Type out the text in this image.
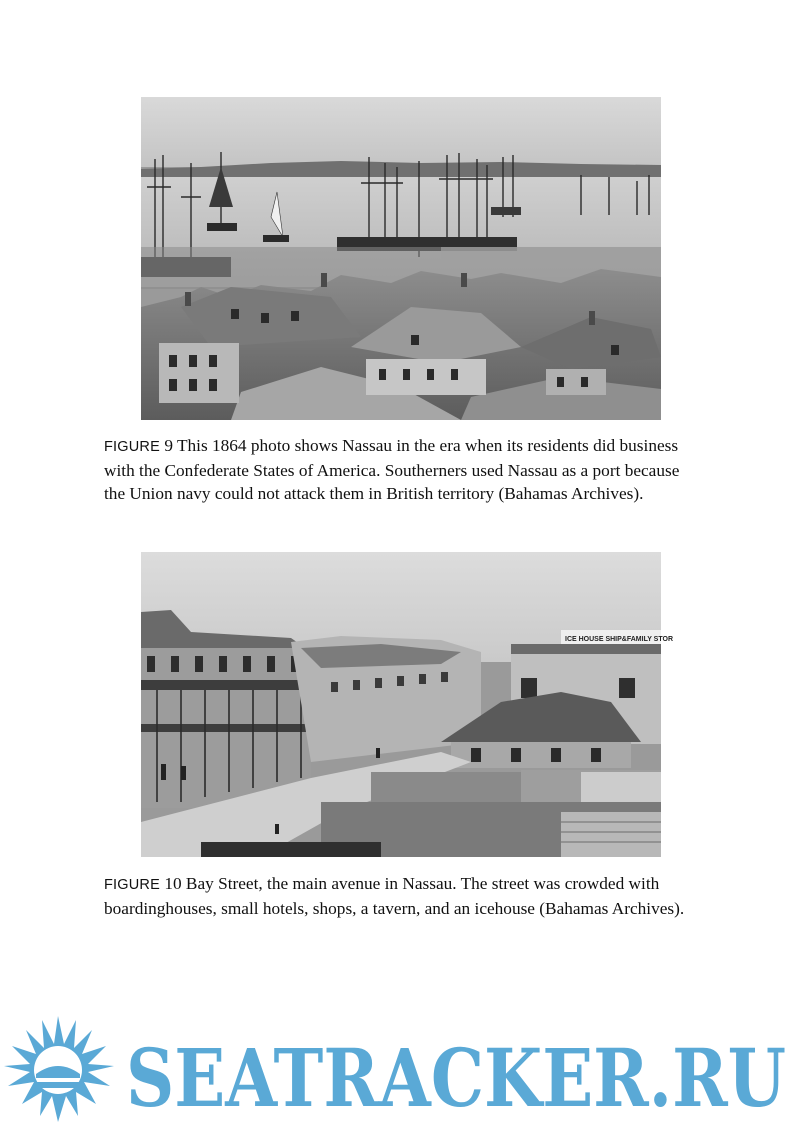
FIGURE 9 This 1864 photo shows Nassau in the era when its residents did business with the Confederate States of America. Southerners used Nassau as a port because the Union navy could not attack them in British territory (Bahamas Archives).

ICE HOUSE SHIP&FAMILY STOR

FIGURE 10 Bay Street, the main avenue in Nassau. The street was crowded with boardinghouses, small hotels, shops, a tavern, and an icehouse (Bahamas Archives).

SEATRACKER.RU
